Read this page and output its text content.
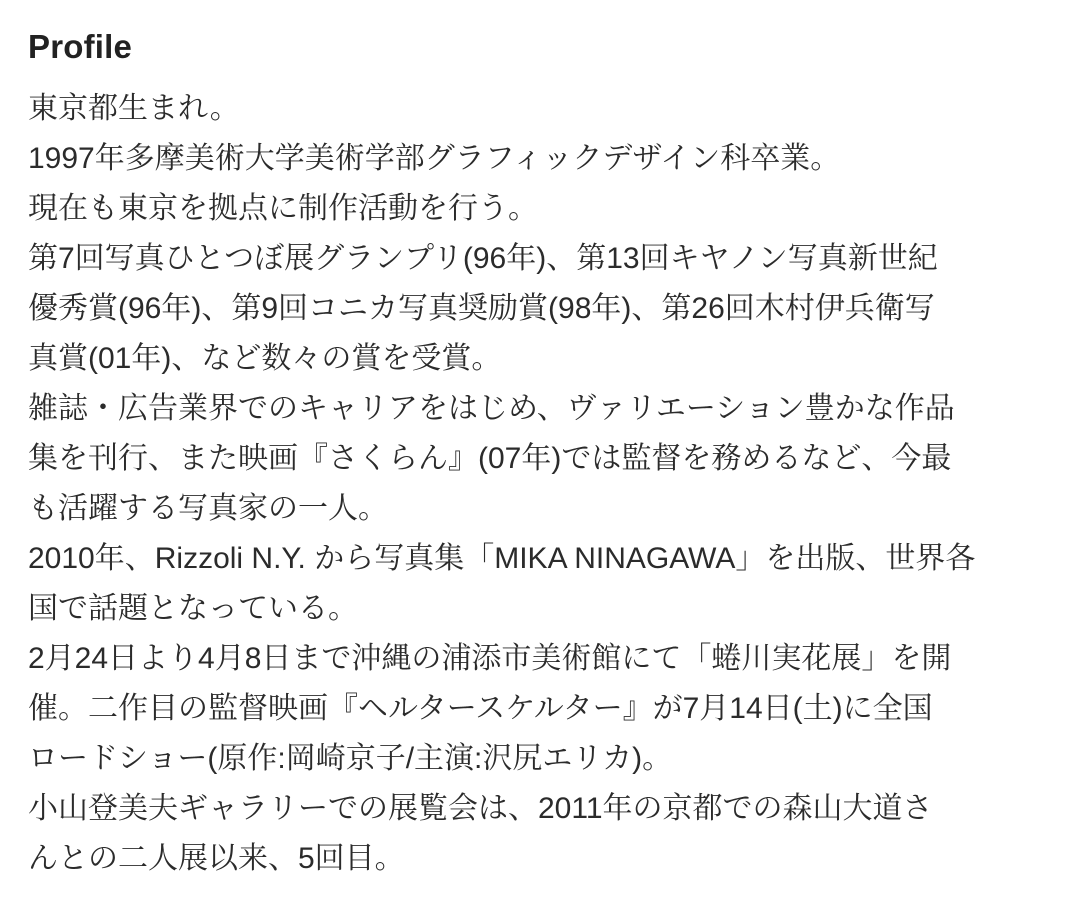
Profile
東京都生まれ。
1997年多摩美術大学美術学部グラフィックデザイン科卒業。
現在も東京を拠点に制作活動を行う。
第7回写真ひとつぼ展グランプリ(96年)、第13回キヤノン写真新世紀
優秀賞(96年)、第9回コニカ写真奨励賞(98年)、第26回木村伊兵衛写
真賞(01年)、など数々の賞を受賞。
雑誌・広告業界でのキャリアをはじめ、ヴァリエーション豊かな作品
集を刊行、また映画『さくらん』(07年)では監督を務めるなど、今最
も活躍する写真家の一人。
2010年、Rizzoli N.Y. から写真集「MIKA NINAGAWA」を出版、世界各
国で話題となっている。
2月24日より4月8日まで沖縄の浦添市美術館にて「蜷川実花展」を開
催。二作目の監督映画『ヘルタースケルター』が7月14日(土)に全国
ロードショー(原作:岡崎京子/主演:沢尻エリカ)。
小山登美夫ギャラリーでの展覧会は、2011年の京都での森山大道さ
んとの二人展以来、5回目。
